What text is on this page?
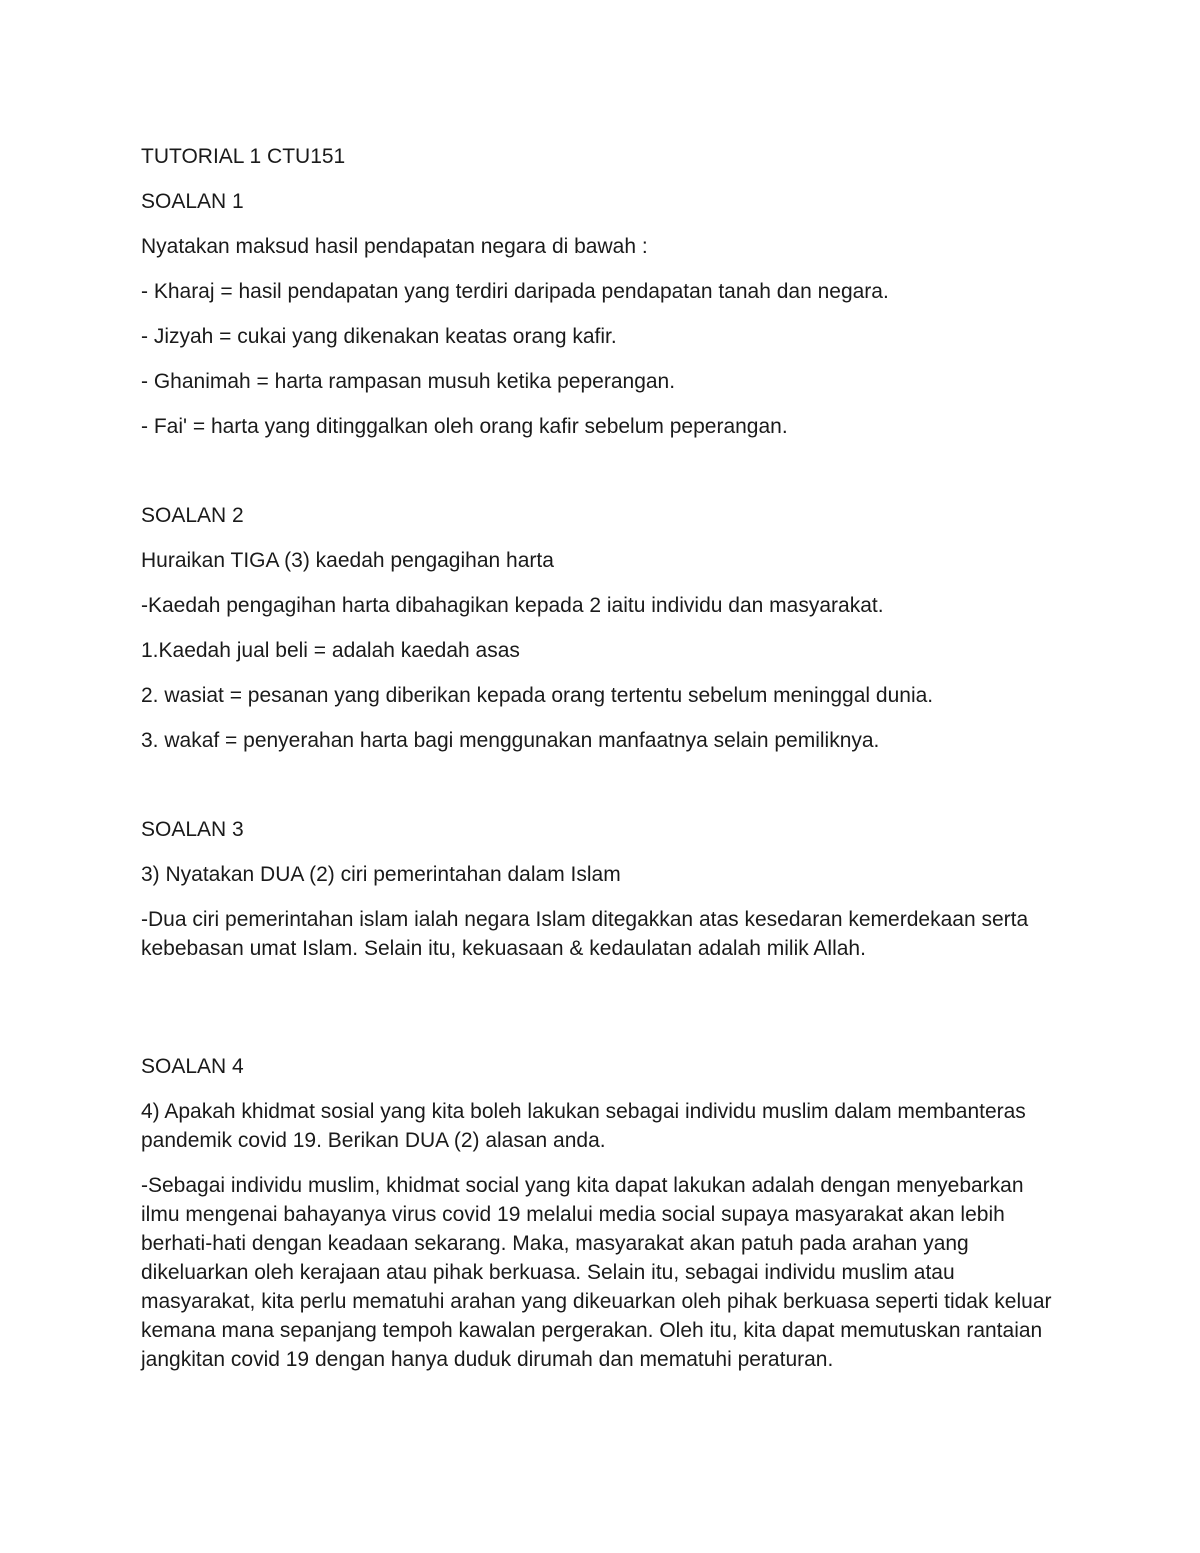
TUTORIAL 1 CTU151

SOALAN 1

Nyatakan maksud hasil pendapatan negara di bawah :

- Kharaj = hasil pendapatan yang terdiri daripada pendapatan tanah dan negara.

- Jizyah = cukai yang dikenakan keatas orang kafir.

- Ghanimah = harta rampasan musuh ketika peperangan.

- Fai' = harta yang ditinggalkan oleh orang kafir sebelum peperangan.

SOALAN 2

Huraikan TIGA (3) kaedah pengagihan harta

-Kaedah pengagihan harta dibahagikan kepada 2 iaitu individu dan masyarakat.

1.Kaedah jual beli = adalah kaedah asas

2. wasiat = pesanan yang diberikan kepada orang tertentu sebelum meninggal dunia.

3. wakaf = penyerahan harta bagi menggunakan manfaatnya selain pemiliknya.

SOALAN 3

3) Nyatakan DUA (2) ciri pemerintahan dalam Islam

-Dua ciri pemerintahan islam ialah negara Islam ditegakkan atas kesedaran kemerdekaan serta kebebasan umat Islam. Selain itu, kekuasaan & kedaulatan adalah milik Allah.

SOALAN 4

4) Apakah khidmat sosial yang kita boleh lakukan sebagai individu muslim dalam membanteras pandemik covid 19. Berikan DUA (2) alasan anda.

-Sebagai individu muslim, khidmat social yang kita dapat lakukan adalah dengan menyebarkan ilmu mengenai bahayanya virus covid 19 melalui media social supaya masyarakat akan lebih berhati-hati dengan keadaan sekarang. Maka, masyarakat akan patuh pada arahan yang dikeluarkan oleh kerajaan atau pihak berkuasa. Selain itu, sebagai individu muslim atau masyarakat, kita perlu mematuhi arahan yang dikeuarkan oleh pihak berkuasa seperti tidak keluar kemana mana sepanjang tempoh kawalan pergerakan. Oleh itu, kita dapat memutuskan rantaian jangkitan covid 19 dengan hanya duduk dirumah dan mematuhi peraturan.
